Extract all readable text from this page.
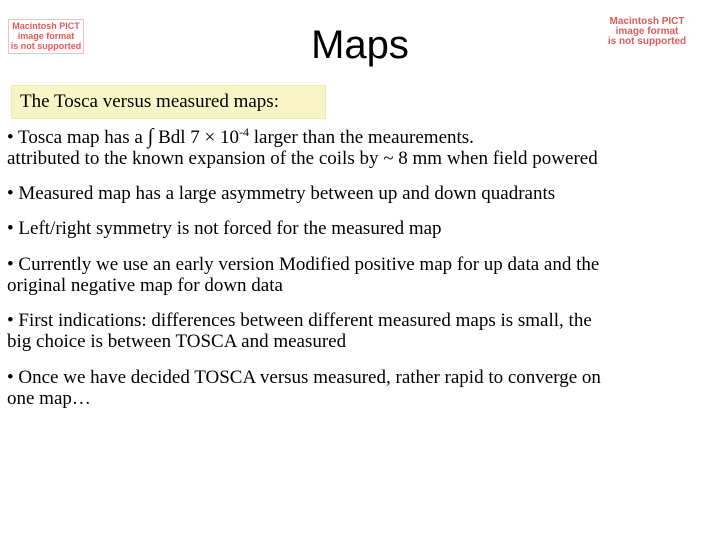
Macintosh PICT
image format
is not supported
Macintosh PICT
image format
is not supported
Maps
The Tosca versus measured maps:

• Tosca map has a ∫ Bdl $7 \times 10^{-4}$ larger than the meaurements.

attributed to the known expansion of the coils by ~ 8 mm when field powered

• Measured map has a large asymmetry between up and down quadrants

• Left/right symmetry is not forced for the measured map

• Currently we use an early version Modified positive map for up data and the

original negative map for down data

• First indications: differences between different measured maps is small, the

big choice is between TOSCA and measured

• Once we have decided TOSCA versus measured, rather rapid to converge on

one map…
